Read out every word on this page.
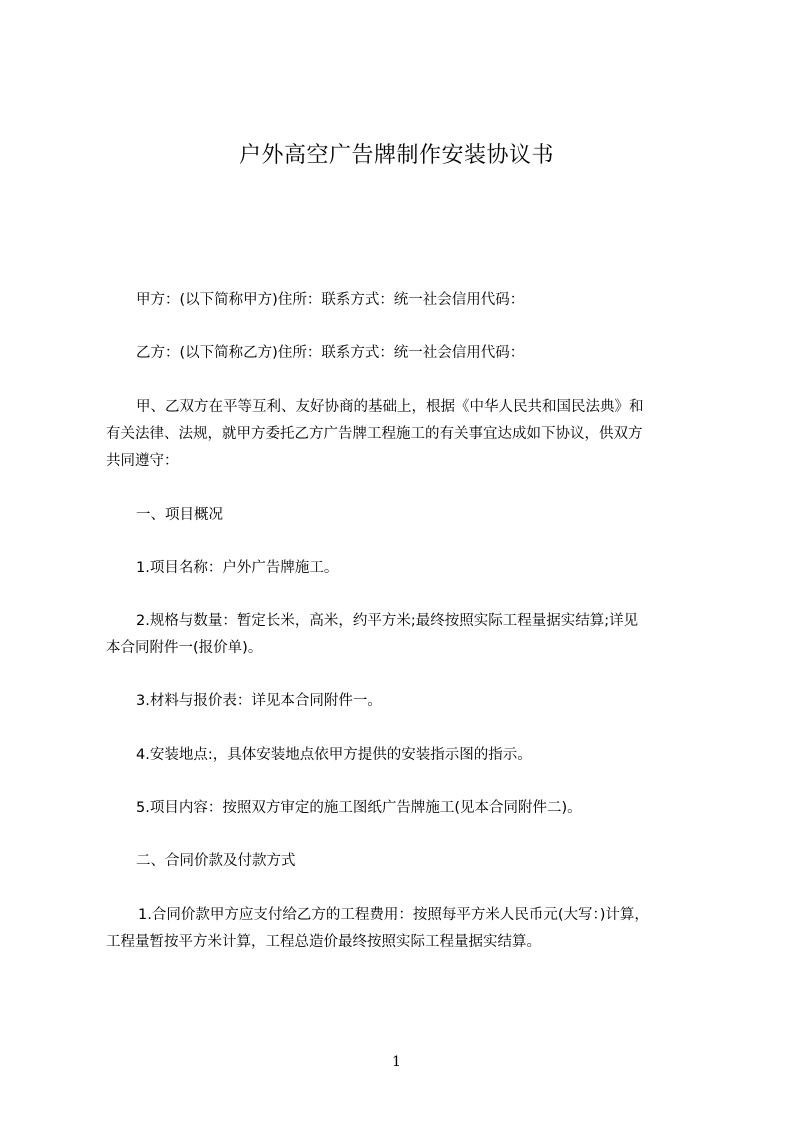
户外高空广告牌制作安装协议书
甲方：(以下简称甲方)住所：联系方式：统一社会信用代码：
乙方：(以下简称乙方)住所：联系方式：统一社会信用代码：
甲、乙双方在平等互利、友好协商的基础上，根据《中华人民共和国民法典》和
有关法律、法规，就甲方委托乙方广告牌工程施工的有关事宜达成如下协议，供双方
共同遵守：
一、项目概况
1.项目名称：户外广告牌施工。
2.规格与数量：暂定长米，高米，约平方米;最终按照实际工程量据实结算;详见
本合同附件一(报价单)。
3.材料与报价表：详见本合同附件一。
4.安装地点:，具体安装地点依甲方提供的安装指示图的指示。
5.项目内容：按照双方审定的施工图纸广告牌施工(见本合同附件二)。
二、合同价款及付款方式
1.合同价款甲方应支付给乙方的工程费用：按照每平方米人民币元(大写：)计算，
工程量暂按平方米计算，工程总造价最终按照实际工程量据实结算。
1
